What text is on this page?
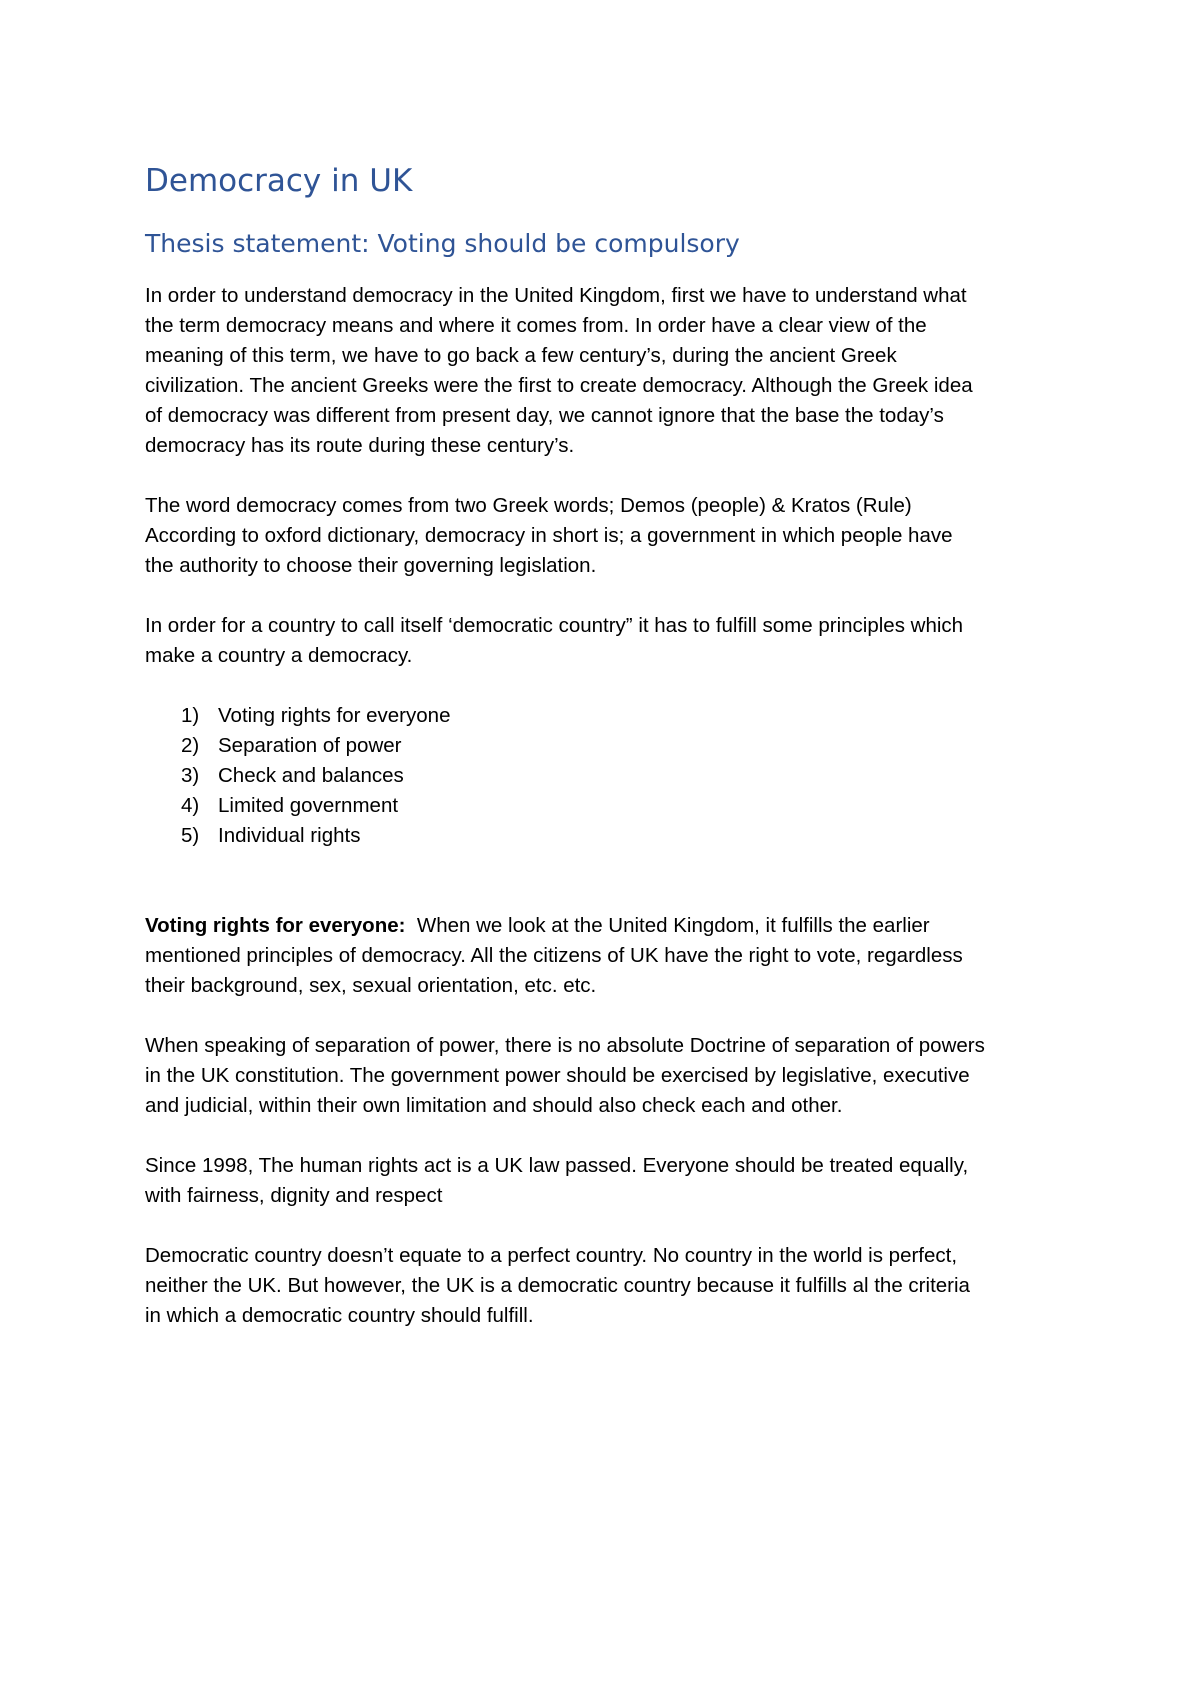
Democracy in UK
Thesis statement: Voting should be compulsory

In order to understand democracy in the United Kingdom, first we have to understand what
the term democracy means and where it comes from. In order have a clear view of the
meaning of this term, we have to go back a few century’s, during the ancient Greek
civilization. The ancient Greeks were the first to create democracy. Although the Greek idea
of democracy was different from present day, we cannot ignore that the base the today’s
democracy has its route during these century’s.

The word democracy comes from two Greek words; Demos (people) & Kratos (Rule)
According to oxford dictionary, democracy in short is; a government in which people have
the authority to choose their governing legislation.

In order for a country to call itself ‘democratic country” it has to fulfill some principles which
make a country a democracy.

1) Voting rights for everyone
2) Separation of power
3) Check and balances
4) Limited government
5) Individual rights

Voting rights for everyone:  When we look at the United Kingdom, it fulfills the earlier
mentioned principles of democracy. All the citizens of UK have the right to vote, regardless
their background, sex, sexual orientation, etc. etc.

When speaking of separation of power, there is no absolute Doctrine of separation of powers
in the UK constitution. The government power should be exercised by legislative, executive
and judicial, within their own limitation and should also check each and other.

Since 1998, The human rights act is a UK law passed. Everyone should be treated equally,
with fairness, dignity and respect

Democratic country doesn’t equate to a perfect country. No country in the world is perfect,
neither the UK. But however, the UK is a democratic country because it fulfills al the criteria
in which a democratic country should fulfill.
